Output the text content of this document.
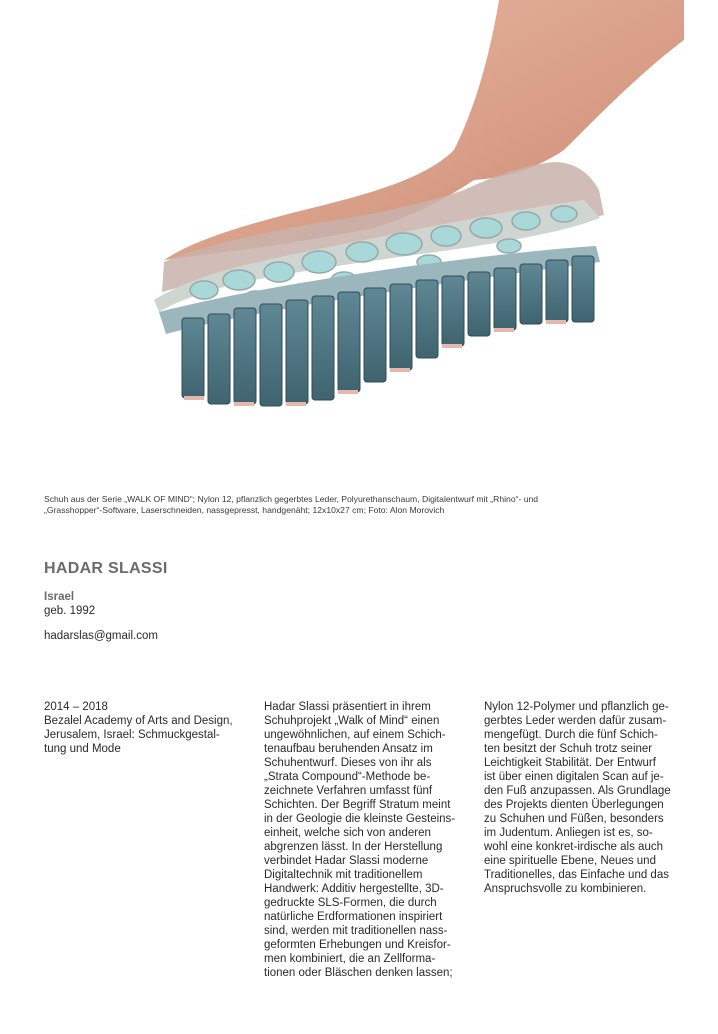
Schuh aus der Serie „WALK OF MIND“; Nylon 12, pflanzlich gegerbtes Leder, Polyurethanschaum, Digitalentwurf mit „Rhino“- und
„Grasshopper“-Software, Laserschneiden, nassgepresst, handgenäht; 12x10x27 cm; Foto: Alon Morovich
HADAR SLASSI
Israel
geb. 1992
hadarslas@gmail.com

2014 – 2018

Bezalel Academy of Arts and Design,
Jerusalem, Israel: Schmuckgestal-
tung und Mode

Hadar Slassi präsentiert in ihrem
Schuhprojekt „Walk of Mind“ einen
ungewöhnlichen, auf einem Schich-
tenaufbau beruhenden Ansatz im
Schuhentwurf. Dieses von ihr als
„Strata Compound“-Methode be-
zeichnete Verfahren umfasst fünf
Schichten. Der Begriff Stratum meint
in der Geologie die kleinste Gesteins-
einheit, welche sich von anderen
abgrenzen lässt. In der Herstellung
verbindet Hadar Slassi moderne
Digitaltechnik mit traditionellem
Handwerk: Additiv hergestellte, 3D-
gedruckte SLS-Formen, die durch
natürliche Erdformationen inspiriert
sind, werden mit traditionellen nass-
geformten Erhebungen und Kreisfor-
men kombiniert, die an Zellforma-
tionen oder Bläschen denken lassen;

Nylon 12-Polymer und pflanzlich ge-
gerbtes Leder werden dafür zusam-
mengefügt. Durch die fünf Schich-
ten besitzt der Schuh trotz seiner
Leichtigkeit Stabilität. Der Entwurf
ist über einen digitalen Scan auf je-
den Fuß anzupassen. Als Grundlage
des Projekts dienten Überlegungen
zu Schuhen und Füßen, besonders
im Judentum. Anliegen ist es, so-
wohl eine konkret-irdische als auch
eine spirituelle Ebene, Neues und
Traditionelles, das Einfache und das
Anspruchsvolle zu kombinieren.
